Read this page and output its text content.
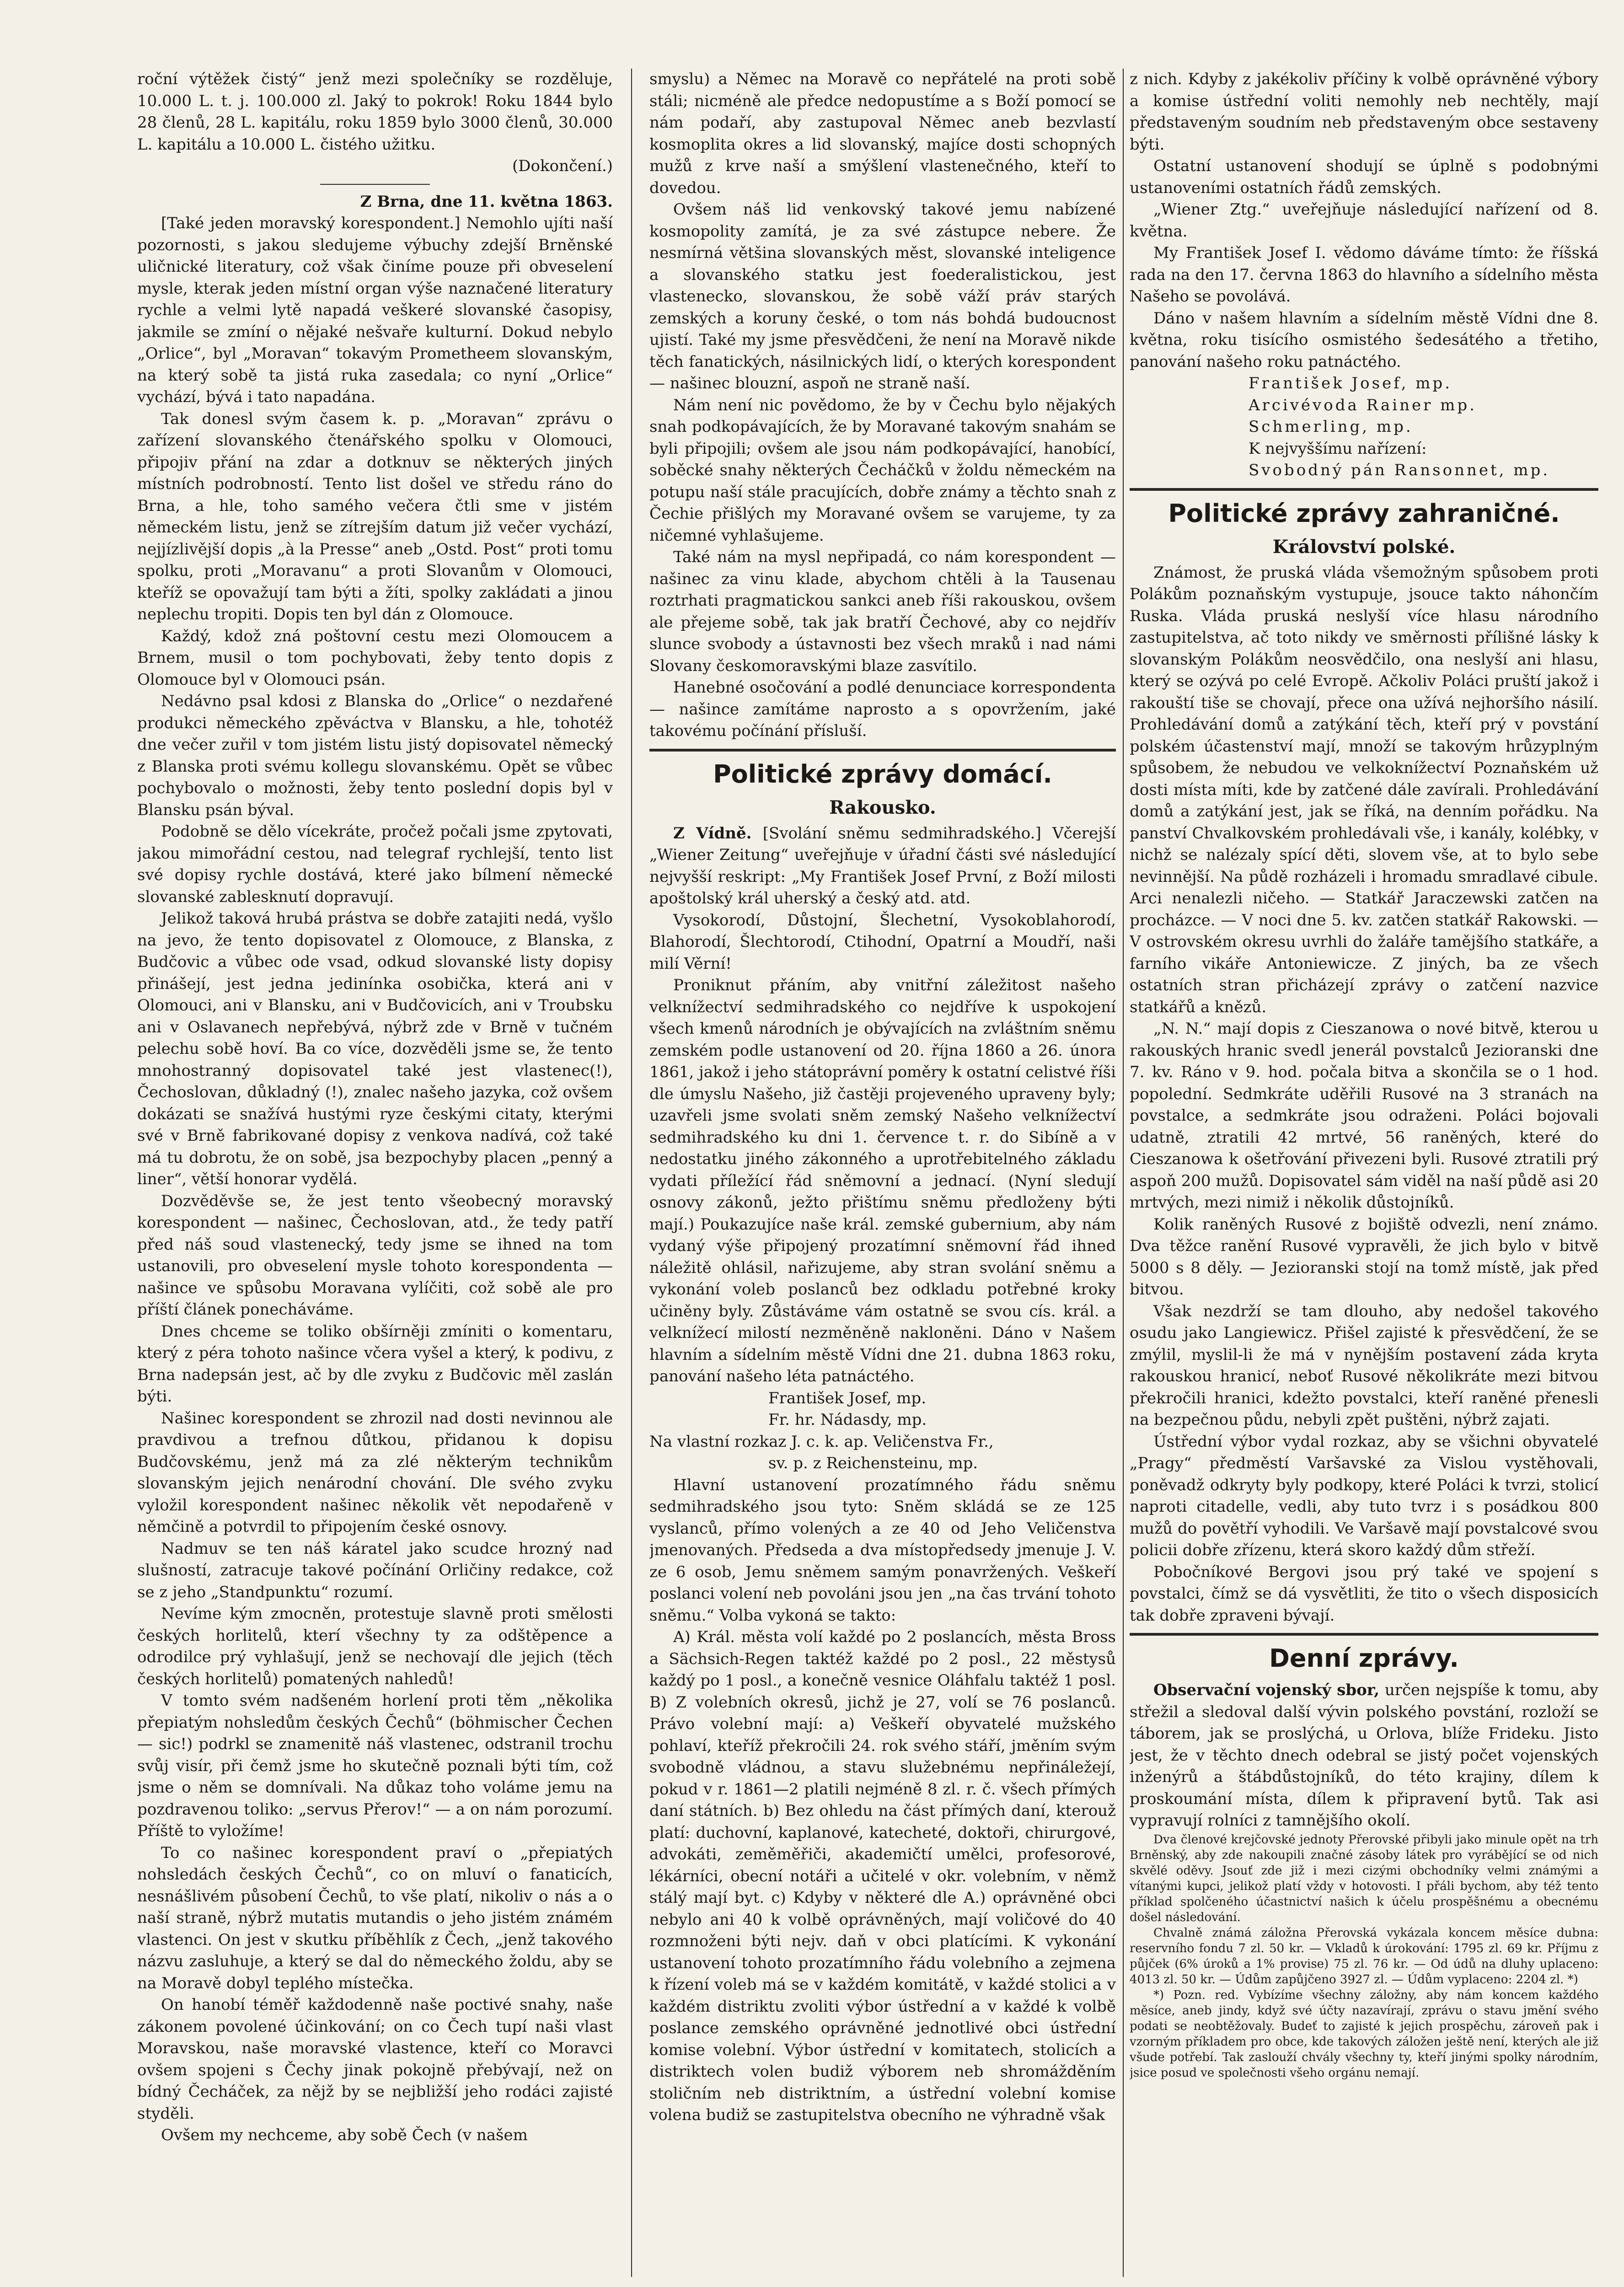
roční výtěžek čistý“ jenž mezi společníky se rozděluje, 10.000 L. t. j. 100.000 zl. Jaký to pokrok! Roku 1844 bylo 28 členů, 28 L. kapitálu, roku 1859 bylo 3000 členů, 30.000 L. kapitálu a 10.000 L. čistého užitku.

(Dokončení.)

Z Brna, dne 11. května 1863.

[Také jeden moravský korespondent.] Nemohlo ujíti naší pozornosti, s jakou sledujeme výbuchy zdejší Brněnské uličnické literatury, což však činíme pouze při obveselení mysle, kterak jeden místní organ výše naznačené literatury rychle a velmi lytě napadá veškeré slovanské časopisy, jakmile se zmíní o nějaké nešvaře kulturní. Dokud nebylo „Orlice“, byl „Moravan“ tokavým Prometheem slovanským, na který sobě ta jistá ruka zasedala; co nyní „Orlice“ vychází, bývá i tato napadána.

Tak donesl svým časem k. p. „Moravan“ zprávu o zařízení slovanského čtenářského spolku v Olomouci, připojiv přání na zdar a dotknuv se některých jiných místních podrobností. Tento list došel ve středu ráno do Brna, a hle, toho samého večera čtli sme v jistém německém listu, jenž se zítrejším datum již večer vychází, nejjízlivější dopis „à la Presse“ aneb „Ostd. Post“ proti tomu spolku, proti „Moravanu“ a proti Slovanům v Olomouci, kteříž se opovažují tam býti a žíti, spolky zakládati a jinou neplechu tropiti. Dopis ten byl dán z Olomouce.

Každý, kdož zná poštovní cestu mezi Olomoucem a Brnem, musil o tom pochybovati, žeby tento dopis z Olomouce byl v Olomouci psán.

Nedávno psal kdosi z Blanska do „Orlice“ o nezdařené produkci německého zpěváctva v Blansku, a hle, tohotéž dne večer zuřil v tom jistém listu jistý dopisovatel německý z Blanska proti svému kollegu slovanskému. Opět se vůbec pochybovalo o možnosti, žeby tento poslední dopis byl v Blansku psán býval.

Podobně se dělo vícekráte, pročež počali jsme zpytovati, jakou mimořádní cestou, nad telegraf rychlejší, tento list své dopisy rychle dostává, které jako bílmení německé slovanské zablesknutí dopravují.

Jelikož taková hrubá prástva se dobře zatajiti nedá, vyšlo na jevo, že tento dopisovatel z Olomouce, z Blanska, z Budčovic a vůbec ode vsad, odkud slovanské listy dopisy přinášejí, jest jedna jedinínka osobička, která ani v Olomouci, ani v Blansku, ani v Budčovicích, ani v Troubsku ani v Oslavanech nepřebývá, nýbrž zde v Brně v tučném pelechu sobě hoví. Ba co více, dozvěděli jsme se, že tento mnohostranný dopisovatel také jest vlastenec(!), Čechoslovan, důkladný (!), znalec našeho jazyka, což ovšem dokázati se snažívá hustými ryze českými citaty, kterými své v Brně fabrikované dopisy z venkova nadívá, což také má tu dobrotu, že on sobě, jsa bezpochyby placen „penný a liner“, větší honorar vydělá.

Dozvěděvše se, že jest tento všeobecný moravský korespondent — našinec, Čechoslovan, atd., že tedy patří před náš soud vlastenecký, tedy jsme se ihned na tom ustanovili, pro obveselení mysle tohoto korespondenta — našince ve spůsobu Moravana vylíčiti, což sobě ale pro příští článek ponecháváme.

Dnes chceme se toliko obšírněji zmíniti o komentaru, který z péra tohoto našince včera vyšel a který, k podivu, z Brna nadepsán jest, ač by dle zvyku z Budčovic měl zaslán býti.

Našinec korespondent se zhrozil nad dosti nevinnou ale pravdivou a trefnou důtkou, přidanou k dopisu Budčovskému, jenž má za zlé některým technikům slovanským jejich nenárodní chování. Dle svého zvyku vyložil korespondent našinec několik vět nepodařeně v němčině a potvrdil to připojením české osnovy.

Nadmuv se ten náš káratel jako scudce hrozný nad slušností, zatracuje takové počínání Orličiny redakce, což se z jeho „Standpunktu“ rozumí.

Nevíme kým zmocněn, protestuje slavně proti smělosti českých horlitelů, kterí všechny ty za odštěpence a odrodilce prý vyhlašují, jenž se nechovají dle jejich (těch českých horlitelů) pomatených nahledů!

V tomto svém nadšeném horlení proti těm „několika přepiatým nohsledům českých Čechů“ (böhmischer Čechen — sic!) podrkl se znamenitě náš vlastenec, odstranil trochu svůj visír, při čemž jsme ho skutečně poznali býti tím, což jsme o něm se domnívali. Na důkaz toho voláme jemu na pozdravenou toliko: „servus Přerov!“ — a on nám porozumí. Příště to vyložíme!

To co našinec korespondent praví o „přepiatých nohsledách českých Čechů“, co on mluví o fanaticích, nesnášlivém působení Čechů, to vše platí, nikoliv o nás a o naší straně, nýbrž mutatis mutandis o jeho jistém známém vlastenci. On jest v skutku příběhlík z Čech, „jenž takového názvu zasluhuje, a který se dal do německého žoldu, aby se na Moravě dobyl teplého místečka.

On hanobí téměř každodenně naše poctivé snahy, naše zákonem povolené účinkování; on co Čech tupí naši vlast Moravskou, naše moravské vlastence, kteří co Moravci ovšem spojeni s Čechy jinak pokojně přebývají, než on bídný Čecháček, za nějž by se nejbližší jeho rodáci zajisté styděli.

Ovšem my nechceme, aby sobě Čech (v našem

smyslu) a Němec na Moravě co nepřátelé na proti sobě stáli; nicméně ale předce nedopustíme a s Boží pomocí se nám podaří, aby zastupoval Němec aneb bezvlastí kosmoplita okres a lid slovanský, majíce dosti schopných mužů z krve naší a smýšlení vlastenečného, kteří to dovedou.

Ovšem náš lid venkovský takové jemu nabízené kosmopolity zamítá, je za své zástupce nebere. Že nesmírná většina slovanských měst, slovanské inteligence a slovanského statku jest foederalistickou, jest vlastenecko, slovanskou, že sobě váží práv starých zemských a koruny české, o tom nás bohdá budoucnost ujistí. Také my jsme přesvědčeni, že není na Moravě nikde těch fanatických, násilnických lidí, o kterých korespondent — našinec blouzní, aspoň ne straně naší.

Nám není nic povědomo, že by v Čechu bylo nějakých snah podkopávajících, že by Moravané takovým snahám se byli připojili; ovšem ale jsou nám podkopávající, hanobící, soběcké snahy některých Čecháčků v žoldu německém na potupu naší stále pracujících, dobře známy a těchto snah z Čechie přišlých my Moravané ovšem se varujeme, ty za ničemné vyhlašujeme.

Také nám na mysl nepřipadá, co nám korespondent — našinec za vinu klade, abychom chtěli à la Tausenau roztrhati pragmatickou sankci aneb říši rakouskou, ovšem ale přejeme sobě, tak jak bratří Čechové, aby co nejdřív slunce svobody a ústavnosti bez všech mraků i nad námi Slovany českomoravskými blaze zasvítilo.

Hanebné osočování a podlé denunciace korrespondenta — našince zamítáme naprosto a s opovržením, jaké takovému počínání přísluší.

Politické zprávy domácí.
Rakousko.

Z Vídně. [Svolání sněmu sedmihradského.] Včerejší „Wiener Zeitung“ uveřejňuje v úřadní části své následující nejvyšší reskript: „My František Josef První, z Boží milosti apoštolský král uherský a český atd. atd.

Vysokorodí, Důstojní, Šlechetní, Vysokoblahorodí, Blahorodí, Šlechtorodí, Ctihodní, Opatrní a Moudří, naši milí Věrní!

Proniknut přáním, aby vnitřní záležitost našeho velknížectví sedmihradského co nejdříve k uspokojení všech kmenů národních je obývajících na zvláštním sněmu zemském podle ustanovení od 20. října 1860 a 26. února 1861, jakož i jeho státoprávní poměry k ostatní celistvé říši dle úmyslu Našeho, již častěji projeveného upraveny byly; uzavřeli jsme svolati sněm zemský Našeho velknížectví sedmihradského ku dni 1. července t. r. do Sibíně a v nedostatku jiného zákonného a uprotřebitelného základu vydati příležící řád sněmovní a jednací. (Nyní sledují osnovy zákonů, ježto přištímu sněmu předloženy býti mají.) Poukazujíce naše král. zemské gubernium, aby nám vydaný výše připojený prozatímní sněmovní řád ihned náležitě ohlásil, nařizujeme, aby stran svolání sněmu a vykonání voleb poslanců bez odkladu potřebné kroky učiněny byly. Zůstáváme vám ostatně se svou cís. král. a velknížecí milostí nezměněně nakloněni. Dáno v Našem hlavním a sídelním městě Vídni dne 21. dubna 1863 roku, panování našeho léta patnáctého.

František Josef, mp.

Fr. hr. Nádasdy, mp.

Na vlastní rozkaz J. c. k. ap. Veličenstva Fr.,

sv. p. z Reichensteinu, mp.

Hlavní ustanovení prozatímného řádu sněmu sedmihradského jsou tyto: Sněm skládá se ze 125 vyslanců, přímo volených a ze 40 od Jeho Veličenstva jmenovaných. Předseda a dva místopředsedy jmenuje J. V. ze 6 osob, Jemu sněmem samým ponavržených. Veškeří poslanci volení neb povoláni jsou jen „na čas trvání tohoto sněmu.“ Volba vykoná se takto:

A) Král. města volí každé po 2 poslancích, města Bross a Sächsich-Regen taktéž každé po 2 posl., 22 městysů každý po 1 posl., a konečně vesnice Oláhfalu taktéž 1 posl. B) Z volebních okresů, jichž je 27, volí se 76 poslanců. Právo volební mají: a) Veškeří obyvatelé mužského pohlaví, kteříž překročili 24. rok svého stáří, jměním svým svobodně vládnou, a stavu služebnému nepřináležejí, pokud v r. 1861—2 platili nejméně 8 zl. r. č. všech přímých daní státních. b) Bez ohledu na část přímých daní, kterouž platí: duchovní, kaplanové, katecheté, doktoři, chirurgové, advokáti, zeměměřiči, akademičtí umělci, profesorové, lékárníci, obecní notáři a učitelé v okr. volebním, v němž stálý mají byt. c) Kdyby v některé dle A.) oprávněné obci nebylo ani 40 k volbě oprávněných, mají voličové do 40 rozmnoženi býti nejv. daň v obci platícími. K vykonání ustanovení tohoto prozatímního řádu volebního a zejmena k řízení voleb má se v každém komitátě, v každé stolici a v každém distriktu zvoliti výbor ústřední a v každé k volbě poslance zemského oprávněné jednotlivé obci ústřední komise volební. Výbor ústřední v komitatech, stolicích a distriktech volen budiž výborem neb shromážděním stoličním neb distriktním, a ústřední volební komise volena budiž se zastupitelstva obecního ne výhradně však

z nich. Kdyby z jakékoliv příčiny k volbě oprávněné výbory a komise ústřední voliti nemohly neb nechtěly, mají představeným soudním neb představeným obce sestaveny býti.

Ostatní ustanovení shodují se úplně s podobnými ustanoveními ostatních řádů zemských.

„Wiener Ztg.“ uveřejňuje následující nařízení od 8. května.

My František Josef I. vědomo dáváme tímto: že říšská rada na den 17. června 1863 do hlavního a sídelního města Našeho se povolává.

Dáno v našem hlavním a sídelním městě Vídni dne 8. května, roku tisícího osmistého šedesátého a třetiho, panování našeho roku patnáctého.

František Josef, mp.

Arcivévoda Rainer mp.

Schmerling, mp.

K nejvyššímu nařízení:

Svobodný pán Ransonnet, mp.

Politické zprávy zahraničné.
Království polské.

Známost, že pruská vláda všemožným spůsobem proti Polákům poznaňským vystupuje, jsouce takto náhončím Ruska. Vláda pruská neslyší více hlasu národního zastupitelstva, ač toto nikdy ve směrnosti přílišné lásky k slovanským Polákům neosvědčilo, ona neslyší ani hlasu, který se ozývá po celé Evropě. Ačkoliv Poláci pruští jakož i rakouští tiše se chovají, přece ona užívá nejhoršího násilí. Prohledávání domů a zatýkání těch, kteří prý v povstání polském účastenství mají, množí se takovým hrůzyplným spůsobem, že nebudou ve velkoknížectví Poznaňském už dosti místa míti, kde by zatčené dále zavírali. Prohledávání domů a zatýkání jest, jak se říká, na denním pořádku. Na panství Chvalkovském prohledávali vše, i kanály, kolébky, v nichž se nalézaly spící děti, slovem vše, at to bylo sebe nevinnější. Na půdě rozházeli i hromadu smradlavé cibule. Arci nenalezli ničeho. — Statkář Jaraczewski zatčen na procházce. — V noci dne 5. kv. zatčen statkář Rakowski. — V ostrovském okresu uvrhli do žaláře tamějšího statkáře, a farního vikáře Antoniewicze. Z jiných, ba ze všech ostatních stran přicházejí zprávy o zatčení nazvice statkářů a knězů.

„N. N.“ mají dopis z Cieszanowa o nové bitvě, kterou u rakouských hranic svedl jenerál povstalců Jezioranski dne 7. kv. Ráno v 9. hod. počala bitva a skončila se o 1 hod. popolední. Sedmkráte uděřili Rusové na 3 stranách na povstalce, a sedmkráte jsou odraženi. Poláci bojovali udatně, ztratili 42 mrtvé, 56 raněných, které do Cieszanowa k ošetřování přivezeni byli. Rusové ztratili prý aspoň 200 mužů. Dopisovatel sám viděl na naší půdě asi 20 mrtvých, mezi nimiž i několik důstojníků.

Kolik raněných Rusové z bojiště odvezli, není známo. Dva těžce ranění Rusové vypravěli, že jich bylo v bitvě 5000 s 8 děly. — Jezioranski stojí na tomž místě, jak před bitvou.

Však nezdrží se tam dlouho, aby nedošel takového osudu jako Langiewicz. Přišel zajisté k přesvědčení, že se zmýlil, myslil-li že má v nynějším postavení záda kryta rakouskou hranicí, neboť Rusové několikráte mezi bitvou překročili hranici, kdežto povstalci, kteří raněné přenesli na bezpečnou půdu, nebyli zpět puštěni, nýbrž zajati.

Ústřední výbor vydal rozkaz, aby se všichni obyvatelé „Pragy“ předměstí Varšavské za Vislou vystěhovali, poněvadž odkryty byly podkopy, které Poláci k tvrzi, stolicí naproti citadelle, vedli, aby tuto tvrz i s posádkou 800 mužů do povětří vyhodili. Ve Varšavě mají povstalcové svou policii dobře zřízenu, která skoro každý dům střeží.

Pobočníkové Bergovi jsou prý také ve spojení s povstalci, čímž se dá vysvětliti, že tito o všech disposicích tak dobře zpraveni bývají.

Denní zprávy.

Observační vojenský sbor, určen nejspíše k tomu, aby střežil a sledoval další vývin polského povstání, rozloží se táborem, jak se proslýchá, u Orlova, blíže Frideku. Jisto jest, že v těchto dnech odebral se jistý počet vojenských inženýrů a štábdůstojníků, do této krajiny, dílem k proskoumání místa, dílem k připravení bytů. Tak asi vypravují rolníci z tamnějšího okolí.

Dva členové krejčovské jednoty Přerovské přibyli jako minule opět na trh Brněnský, aby zde nakoupili značné zásoby látek pro vyrábějící se od nich skvělé oděvy. Jsouť zde již i mezi cizými obchodníky velmi známými a vítanými kupci, jelikož platí vždy v hotovosti. I přáli bychom, aby též tento příklad spolčeného účastnictví našich k účelu prospěšnému a obecnému došel následování.

Chvalně známá záložna Přerovská vykázala koncem měsíce dubna: reservního fondu 7 zl. 50 kr. — Vkladů k úrokování: 1795 zl. 69 kr. Příjmu z půjček (6% úroků a 1% provise) 75 zl. 76 kr. — Od údů na dluhy uplaceno: 4013 zl. 50 kr. — Údům zapůjčeno 3927 zl. — Údům vyplaceno: 2204 zl. *)

*) Pozn. red. Vybízíme všechny záložny, aby nám koncem každého měsíce, aneb jindy, když své účty nazavírají, zprávu o stavu jmění svého podati se neobtěžovaly. Budeť to zajisté k jejich prospěchu, zároveň pak i vzorným příkladem pro obce, kde takových záložen ještě není, kterých ale již všude potřebí. Tak zaslouží chvály všechny ty, kteří jinými spolky národním, jsice posud ve společnosti všeho orgánu nemají.
